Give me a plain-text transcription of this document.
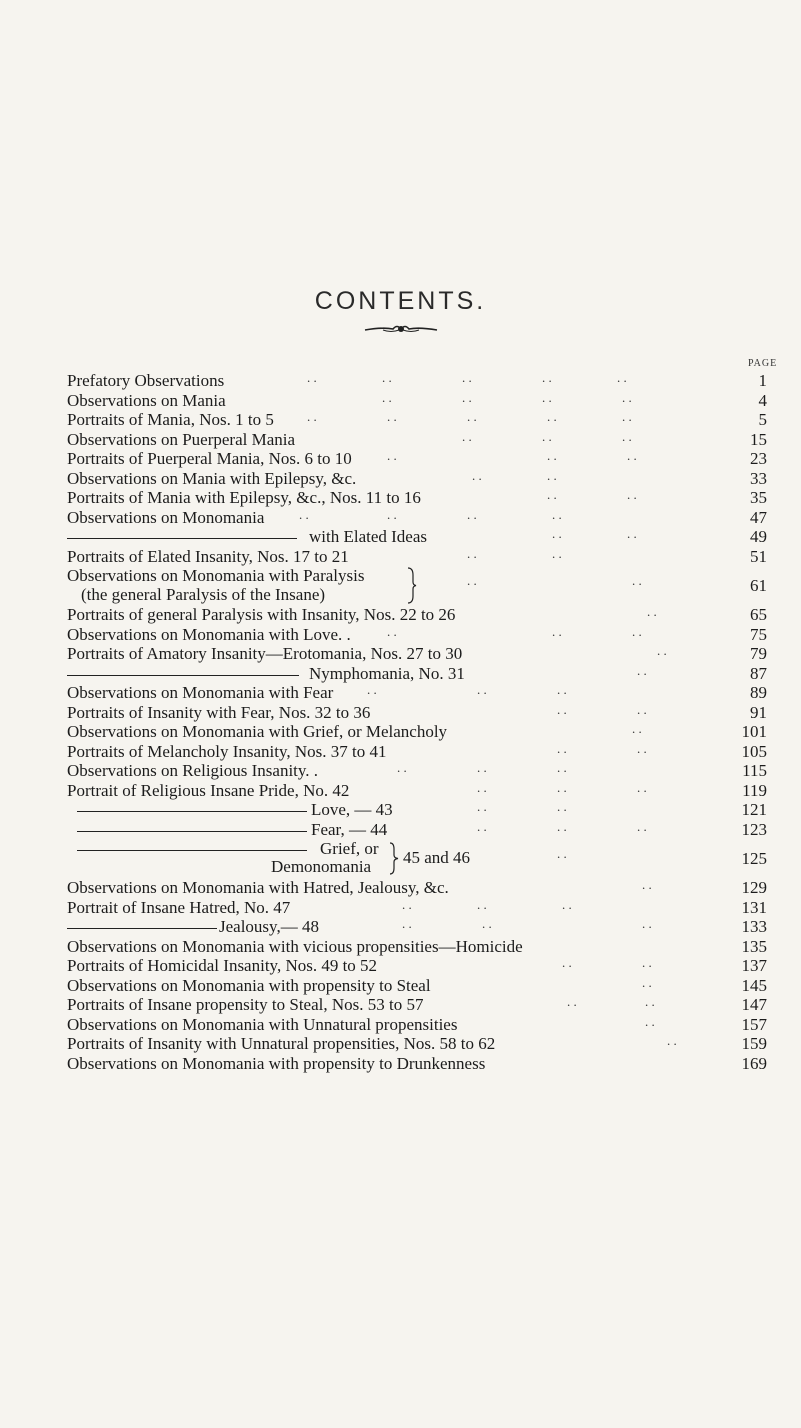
CONTENTS.
PAGE
Prefatory Observations	. .	. .	. .	. .	. .	1
Observations on Mania	. .	. .	. .	. .	4
Portraits of Mania, Nos. 1 to 5	. .	. .	. .	. .	. .	5
Observations on Puerperal Mania	. .	. .	. .	15
Portraits of Puerperal Mania, Nos. 6 to 10	. .	. .	. .	23
Observations on Mania with Epilepsy, &c.	. .	. .	33
Portraits of Mania with Epilepsy, &c., Nos. 11 to 16	. .	. .	35
Observations on Monomania	. .	. .	. .	. .	47
with Elated Ideas	. .	. .	49
Portraits of Elated Insanity, Nos. 17 to 21	. .	. .	51
Observations on Monomania with Paralysis
(the general Paralysis of the Insane)
. .	. .	61
Portraits of general Paralysis with Insanity, Nos. 22 to 26	. .	65
Observations on Monomania with Love. .	. .	. .	. .	75
Portraits of Amatory Insanity—Erotomania, Nos. 27 to 30	. .	79
Nymphomania, No. 31	. .	87
Observations on Monomania with Fear	. .	. .	. .	89
Portraits of Insanity with Fear, Nos. 32 to 36	. .	. .	91
Observations on Monomania with Grief, or Melancholy	. .	101
Portraits of Melancholy Insanity, Nos. 37 to 41	. .	. .	105
Observations on Religious Insanity. .	. .	. .	. .	115
Portrait of Religious Insane Pride, No. 42	. .	. .	. .	119
Love, — 43	. .	. .	121
Fear, — 44	. .	. .	. .	123
Grief, or
Demonomania 45 and 46	. .	125
Observations on Monomania with Hatred, Jealousy, &c.	. .	129
Portrait of Insane Hatred, No. 47	. .	. .	. .	131
Jealousy,— 48	. .	. .	. .	133
Observations on Monomania with vicious propensities—Homicide	135
Portraits of Homicidal Insanity, Nos. 49 to 52	. .	. .	137
Observations on Monomania with propensity to Steal	. .	145
Portraits of Insane propensity to Steal, Nos. 53 to 57	. .	. .	147
Observations on Monomania with Unnatural propensities	. .	157
Portraits of Insanity with Unnatural propensities, Nos. 58 to 62	. .	159
Observations on Monomania with propensity to Drunkenness	169
